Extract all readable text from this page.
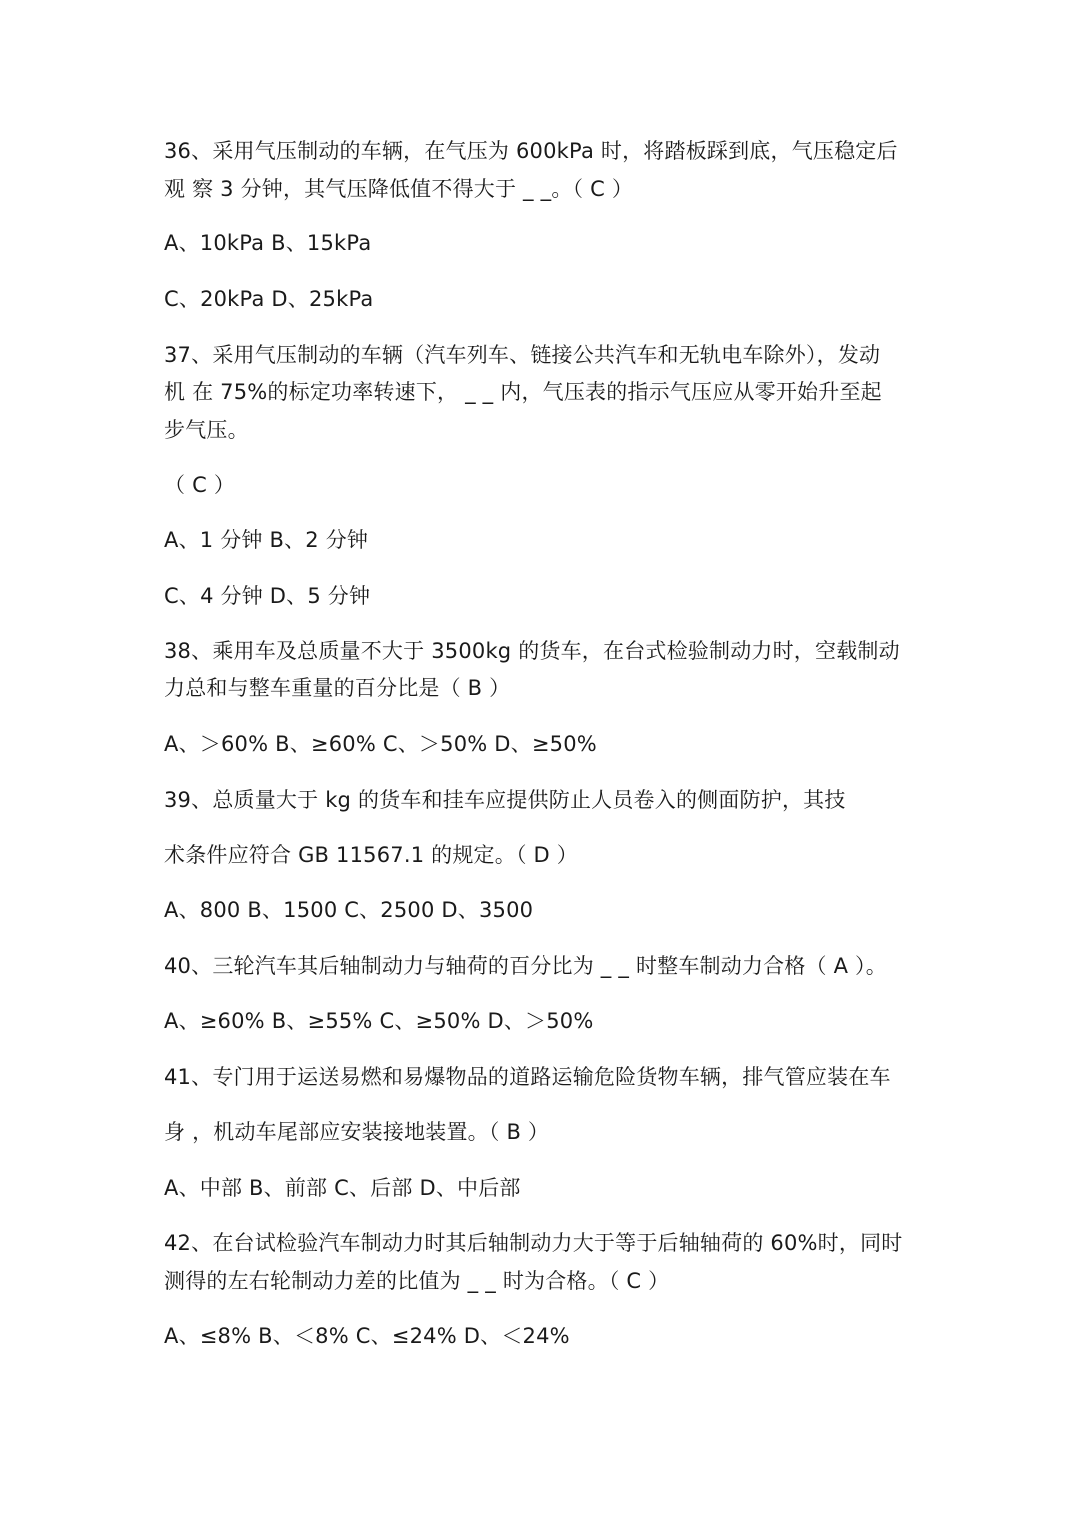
36、采用气压制动的车辆，在气压为 600kPa 时，将踏板踩到底，气压稳定后
观 察 3 分钟，其气压降低值不得大于 _ _。（ C ）
A、10kPa B、15kPa
C、20kPa D、25kPa
37、采用气压制动的车辆（汽车列车、链接公共汽车和无轨电车除外），发动
机 在 75%的标定功率转速下， _ _ 内，气压表的指示气压应从零开始升至起
步气压。
（ C ）
A、1 分钟 B、2 分钟
C、4 分钟 D、5 分钟
38、乘用车及总质量不大于 3500kg 的货车，在台式检验制动力时，空载制动
力总和与整车重量的百分比是（ B ）
A、＞60% B、≥60% C、＞50% D、≥50%
39、总质量大于 kg 的货车和挂车应提供防止人员卷入的侧面防护，其技
术条件应符合 GB 11567.1 的规定。（ D ）
A、800 B、1500 C、2500 D、3500
40、三轮汽车其后轴制动力与轴荷的百分比为 _ _ 时整车制动力合格（ A ）。
A、≥60% B、≥55% C、≥50% D、＞50%
41、专门用于运送易燃和易爆物品的道路运输危险货物车辆，排气管应装在车
身 ，机动车尾部应安装接地装置。（ B ）
A、中部 B、前部 C、后部 D、中后部
42、在台试检验汽车制动力时其后轴制动力大于等于后轴轴荷的 60%时，同时
测得的左右轮制动力差的比值为 _ _ 时为合格。（ C ）
A、≤8% B、＜8% C、≤24% D、＜24%
